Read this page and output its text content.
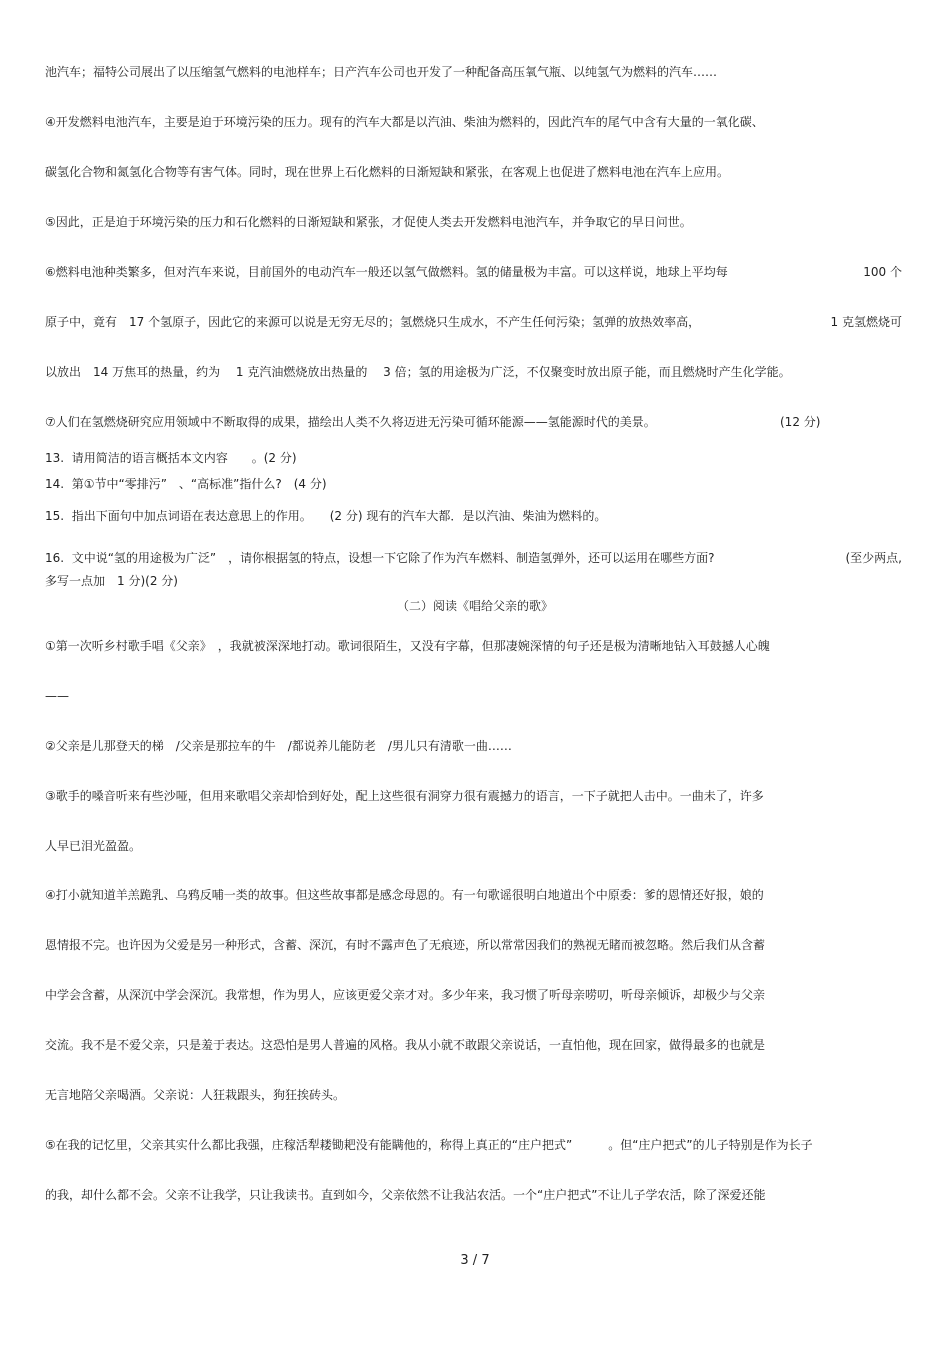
池汽车；福特公司展出了以压缩氢气燃料的电池样车；日产汽车公司也开发了一种配备高压氧气瓶、以纯氢气为燃料的汽车……

④开发燃料电池汽车，主要是迫于环境污染的压力。现有的汽车大都是以汽油、柴油为燃料的，因此汽车的尾气中含有大量的一氧化碳、

碳氢化合物和氮氢化合物等有害气体。同时，现在世界上石化燃料的日渐短缺和紧张，在客观上也促进了燃料电池在汽车上应用。

⑤因此，正是迫于环境污染的压力和石化燃料的日渐短缺和紧张，才促使人类去开发燃料电池汽车，并争取它的早日问世。

⑥燃料电池种类繁多，但对汽车来说，目前国外的电动汽车一般还以氢气做燃料。氢的储量极为丰富。可以这样说，地球上平均每	100 个

原子中，竟有　17 个氢原子，因此它的来源可以说是无穷无尽的；氢燃烧只生成水，不产生任何污染；氢弹的放热效率高，	1 克氢燃烧可

以放出　14 万焦耳的热量，约为　 1 克汽油燃烧放出热量的　 3 倍；氢的用途极为广泛，不仅聚变时放出原子能，而且燃烧时产生化学能。

⑦人们在氢燃烧研究应用领域中不断取得的成果，描绘出人类不久将迈进无污染可循环能源——氢能源时代的美景。	(12 分)

13.  请用简洁的语言概括本文内容　　。(2 分)

14.  第①节中“零排污”　、“高标准”指什么?　(4 分)

15.  指出下面句中加点词语在表达意思上的作用。　　(2 分) 现有的汽车大都．是以汽油、柴油为燃料的。

16.  文中说“氢的用途极为广泛”　，请你根据氢的特点，设想一下它除了作为汽车燃料、制造氢弹外，还可以运用在哪些方面?	(至少两点,

多写一点加　1 分)(2 分)

（二）阅读《唱给父亲的歌》

①第一次听乡村歌手唱《父亲》　，我就被深深地打动。歌词很陌生，又没有字幕，但那凄婉深情的句子还是极为清晰地钻入耳鼓撼人心魄

——

②父亲是儿那登天的梯　/父亲是那拉车的牛　/都说养儿能防老　/男儿只有清歌一曲……

③歌手的嗓音听来有些沙哑，但用来歌唱父亲却恰到好处，配上这些很有洞穿力很有震撼力的语言，一下子就把人击中。一曲未了，许多

人早已泪光盈盈。

④打小就知道羊羔跪乳、乌鸦反哺一类的故事。但这些故事都是感念母恩的。有一句歌谣很明白地道出个中原委：爹的恩情还好报，娘的

恩情报不完。也许因为父爱是另一种形式，含蓄、深沉，有时不露声色了无痕迹，所以常常因我们的熟视无睹而被忽略。然后我们从含蓄

中学会含蓄，从深沉中学会深沉。我常想，作为男人，应该更爱父亲才对。多少年来，我习惯了听母亲唠叨，听母亲倾诉，却极少与父亲

交流。我不是不爱父亲，只是羞于表达。这恐怕是男人普遍的风格。我从小就不敢跟父亲说话，一直怕他，现在回家，做得最多的也就是

无言地陪父亲喝酒。父亲说：人狂栽跟头，狗狂挨砖头。

⑤在我的记忆里，父亲其实什么都比我强，庄稼活犁耧锄耙没有能瞒他的，称得上真正的“庄户把式”　　　。但“庄户把式”的儿子特别是作为长子

的我，却什么都不会。父亲不让我学，只让我读书。直到如今，父亲依然不让我沾农活。一个“庄户把式”不让儿子学农活，除了深爱还能

3 / 7
